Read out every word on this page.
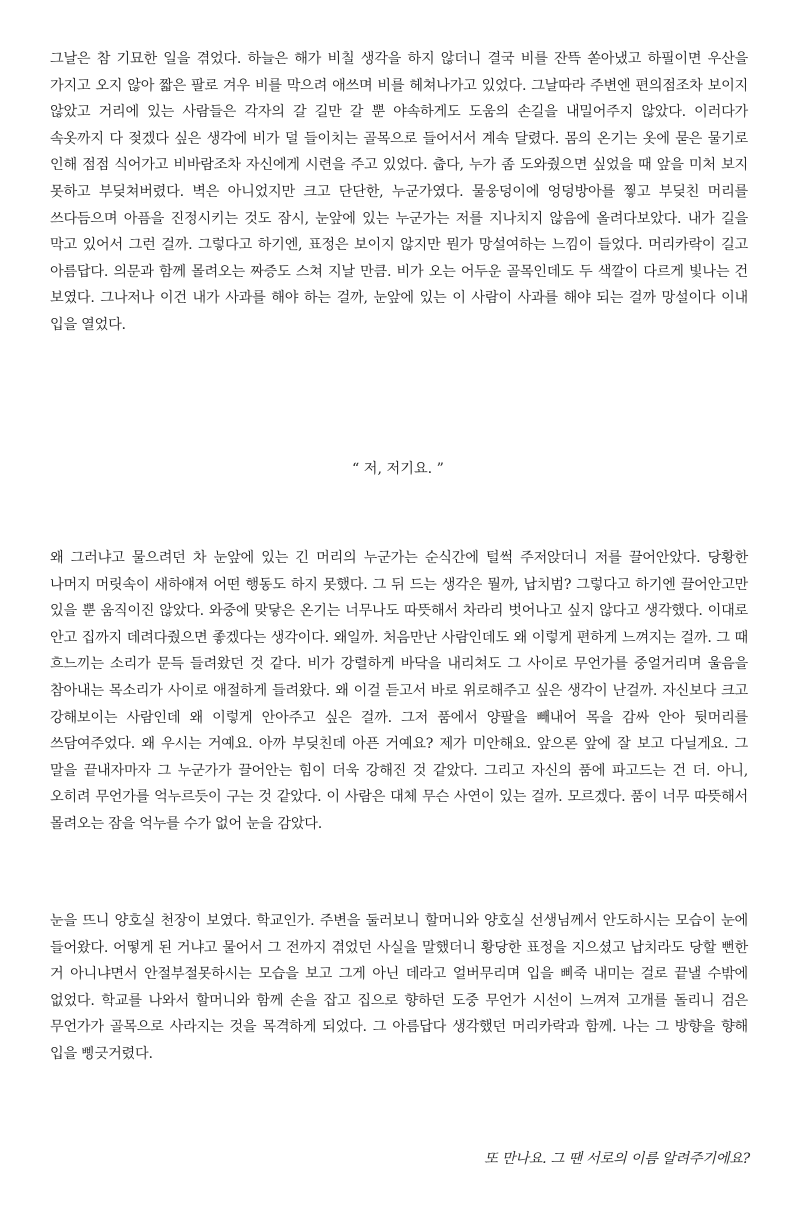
그날은 참 기묘한 일을 겪었다. 하늘은 해가 비칠 생각을 하지 않더니 결국 비를 잔뜩 쏟아냈고 하필이면 우산을 가지고 오지 않아 짧은 팔로 겨우 비를 막으려 애쓰며 비를 헤쳐나가고 있었다. 그날따라 주변엔 편의점조차 보이지 않았고 거리에 있는 사람들은 각자의 갈 길만 갈 뿐 야속하게도 도움의 손길을 내밀어주지 않았다. 이러다가 속옷까지 다 젖겠다 싶은 생각에 비가 덜 들이치는 골목으로 들어서서 계속 달렸다. 몸의 온기는 옷에 묻은 물기로 인해 점점 식어가고 비바람조차 자신에게 시련을 주고 있었다. 춥다, 누가 좀 도와줬으면 싶었을 때 앞을 미처 보지 못하고 부딪쳐버렸다. 벽은 아니었지만 크고 단단한, 누군가였다. 물웅덩이에 엉덩방아를 찧고 부딪친 머리를 쓰다듬으며 아픔을 진정시키는 것도 잠시, 눈앞에 있는 누군가는 저를 지나치지 않음에 올려다보았다. 내가 길을 막고 있어서 그런 걸까. 그렇다고 하기엔, 표정은 보이지 않지만 뭔가 망설여하는 느낌이 들었다. 머리카락이 길고 아름답다. 의문과 함께 몰려오는 짜증도 스쳐 지날 만큼. 비가 오는 어두운 골목인데도 두 색깔이 다르게 빛나는 건 보였다. 그나저나 이건 내가 사과를 해야 하는 걸까, 눈앞에 있는 이 사람이 사과를 해야 되는 걸까 망설이다 이내 입을 열었다.

“ 저, 저기요. ”

왜 그러냐고 물으려던 차 눈앞에 있는 긴 머리의 누군가는 순식간에 털썩 주저앉더니 저를 끌어안았다. 당황한 나머지 머릿속이 새하얘져 어떤 행동도 하지 못했다. 그 뒤 드는 생각은 뭘까, 납치범? 그렇다고 하기엔 끌어안고만 있을 뿐 움직이진 않았다. 와중에 맞닿은 온기는 너무나도 따뜻해서 차라리 벗어나고 싶지 않다고 생각했다. 이대로 안고 집까지 데려다줬으면 좋겠다는 생각이다. 왜일까. 처음만난 사람인데도 왜 이렇게 편하게 느껴지는 걸까. 그 때 흐느끼는 소리가 문득 들려왔던 것 같다. 비가 강렬하게 바닥을 내리쳐도 그 사이로 무언가를 중얼거리며 울음을 참아내는 목소리가 사이로 애절하게 들려왔다. 왜 이걸 듣고서 바로 위로해주고 싶은 생각이 난걸까. 자신보다 크고 강해보이는 사람인데 왜 이렇게 안아주고 싶은 걸까. 그저 품에서 양팔을 빼내어 목을 감싸 안아 뒷머리를 쓰담여주었다. 왜 우시는 거예요. 아까 부딪친데 아픈 거예요? 제가 미안해요. 앞으론 앞에 잘 보고 다닐게요. 그 말을 끝내자마자 그 누군가가 끌어안는 힘이 더욱 강해진 것 같았다. 그리고 자신의 품에 파고드는 건 더. 아니, 오히려 무언가를 억누르듯이 구는 것 같았다. 이 사람은 대체 무슨 사연이 있는 걸까. 모르겠다. 품이 너무 따뜻해서 몰려오는 잠을 억누를 수가 없어 눈을 감았다.

눈을 뜨니 양호실 천장이 보였다. 학교인가. 주변을 둘러보니 할머니와 양호실 선생님께서 안도하시는 모습이 눈에 들어왔다. 어떻게 된 거냐고 물어서 그 전까지 겪었던 사실을 말했더니 황당한 표정을 지으셨고 납치라도 당할 뻔한 거 아니냐면서 안절부절못하시는 모습을 보고 그게 아닌 데라고 얼버무리며 입을 삐죽 내미는 걸로 끝낼 수밖에 없었다. 학교를 나와서 할머니와 함께 손을 잡고 집으로 향하던 도중 무언가 시선이 느껴져 고개를 돌리니 검은 무언가가 골목으로 사라지는 것을 목격하게 되었다. 그 아름답다 생각했던 머리카락과 함께. 나는 그 방향을 향해 입을 삥긋거렸다.

또 만나요. 그 땐 서로의 이름 알려주기에요?
